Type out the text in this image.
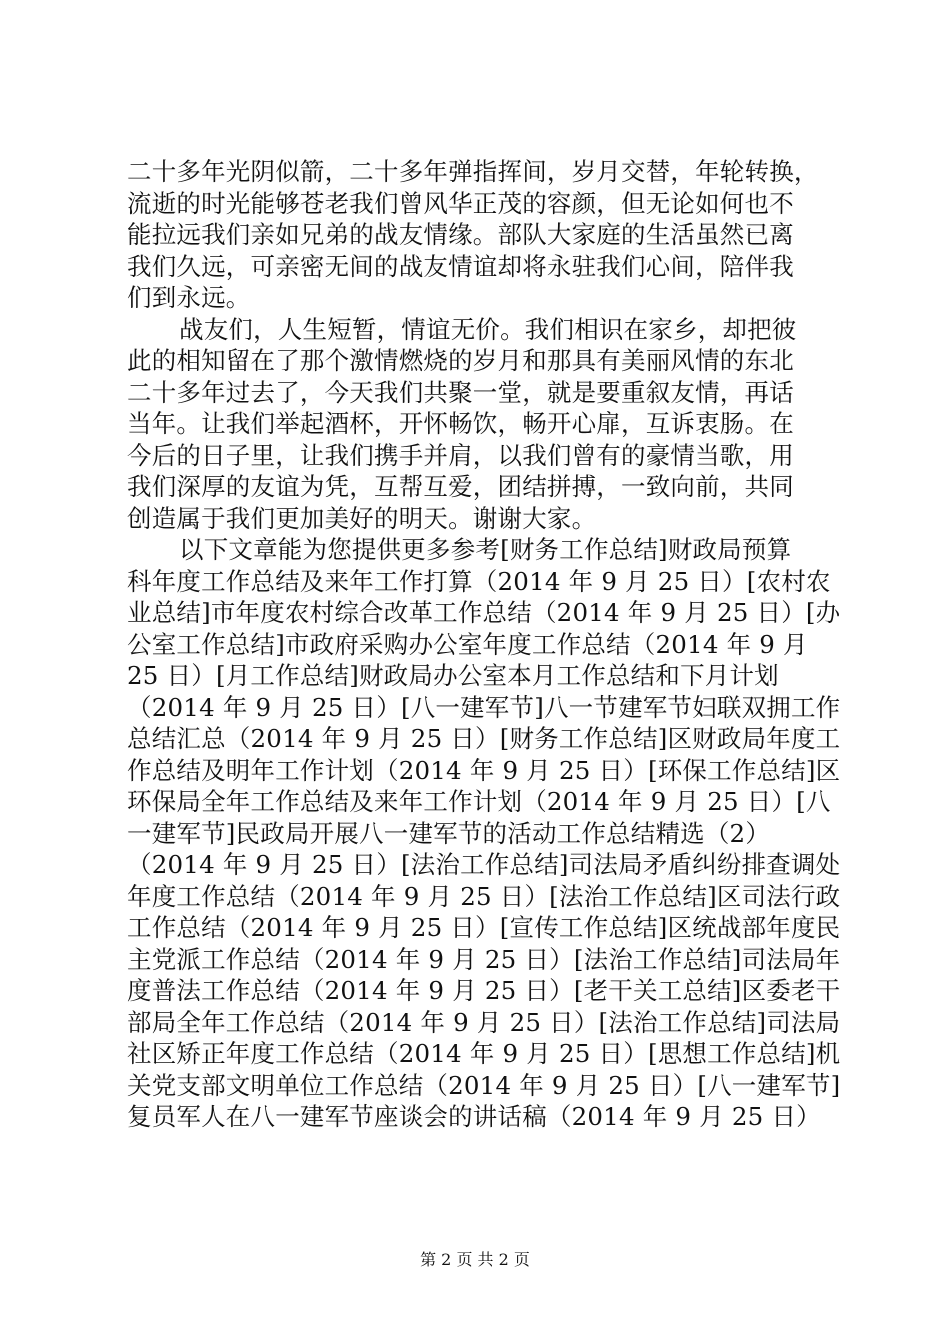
二十多年光阴似箭，二十多年弹指挥间，岁月交替，年轮转换，
流逝的时光能够苍老我们曾风华正茂的容颜，但无论如何也不
能拉远我们亲如兄弟的战友情缘。部队大家庭的生活虽然已离
我们久远，可亲密无间的战友情谊却将永驻我们心间，陪伴我
们到永远。
战友们，人生短暂，情谊无价。我们相识在家乡，却把彼
此的相知留在了那个激情燃烧的岁月和那具有美丽风情的东北
二十多年过去了，今天我们共聚一堂，就是要重叙友情，再话
当年。让我们举起酒杯，开怀畅饮，畅开心扉，互诉衷肠。在
今后的日子里，让我们携手并肩，以我们曾有的豪情当歌，用
我们深厚的友谊为凭，互帮互爱，团结拼搏，一致向前，共同
创造属于我们更加美好的明天。谢谢大家。
以下文章能为您提供更多参考[财务工作总结]财政局预算
科年度工作总结及来年工作打算（2014 年 9 月 25 日）[农村农
业总结]市年度农村综合改革工作总结（2014 年 9 月 25 日）[办
公室工作总结]市政府采购办公室年度工作总结（2014 年 9 月
25 日）[月工作总结]财政局办公室本月工作总结和下月计划
（2014 年 9 月 25 日）[八一建军节]八一节建军节妇联双拥工作
总结汇总（2014 年 9 月 25 日）[财务工作总结]区财政局年度工
作总结及明年工作计划（2014 年 9 月 25 日）[环保工作总结]区
环保局全年工作总结及来年工作计划（2014 年 9 月 25 日）[八
一建军节]民政局开展八一建军节的活动工作总结精选（2）
（2014 年 9 月 25 日）[法治工作总结]司法局矛盾纠纷排查调处
年度工作总结（2014 年 9 月 25 日）[法治工作总结]区司法行政
工作总结（2014 年 9 月 25 日）[宣传工作总结]区统战部年度民
主党派工作总结（2014 年 9 月 25 日）[法治工作总结]司法局年
度普法工作总结（2014 年 9 月 25 日）[老干关工总结]区委老干
部局全年工作总结（2014 年 9 月 25 日）[法治工作总结]司法局
社区矫正年度工作总结（2014 年 9 月 25 日）[思想工作总结]机
关党支部文明单位工作总结（2014 年 9 月 25 日）[八一建军节]
复员军人在八一建军节座谈会的讲话稿（2014 年 9 月 25 日）
第 2 页 共 2 页
